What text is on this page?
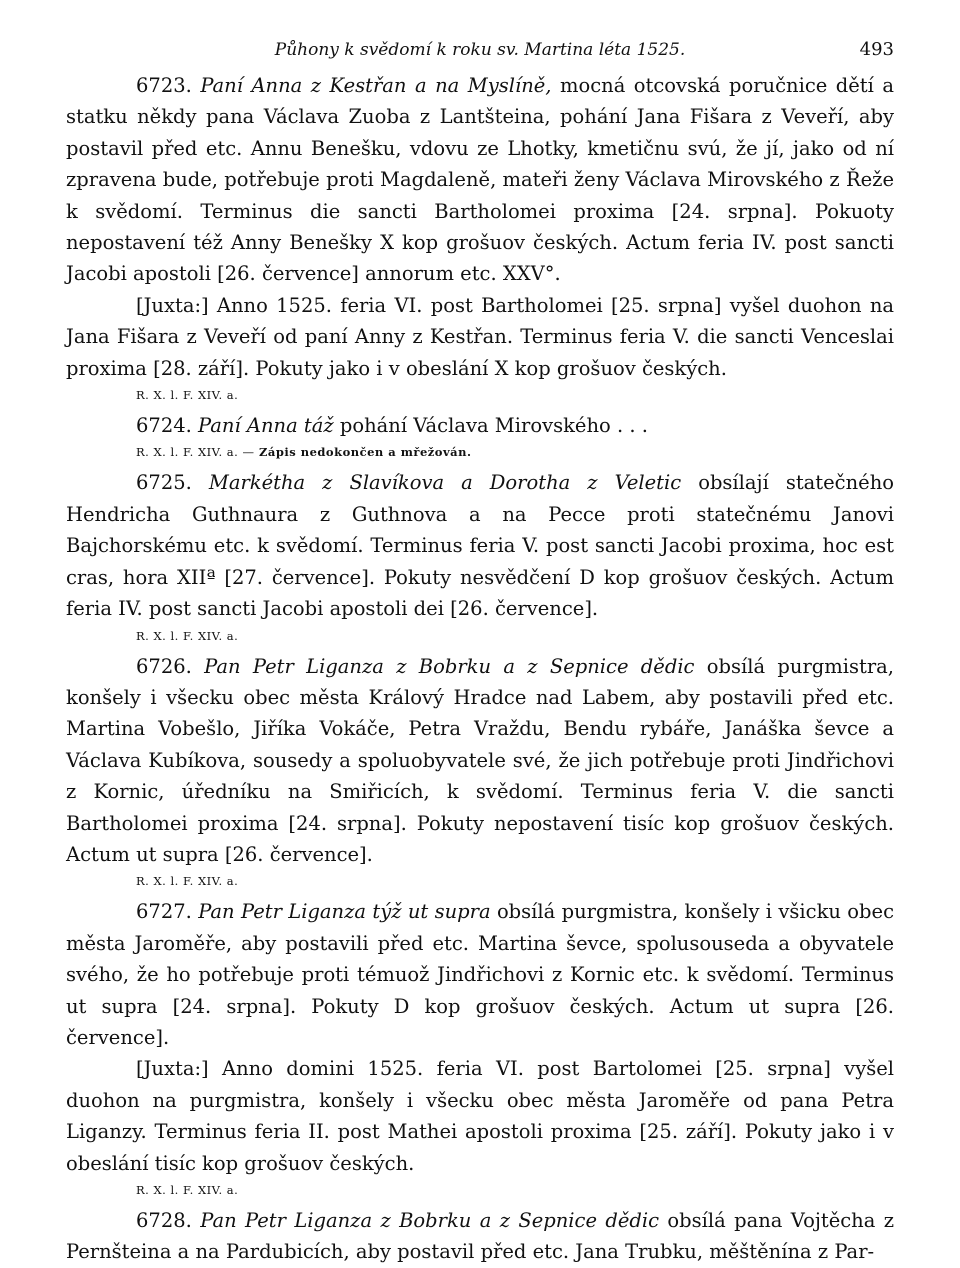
Půhony k svědomí k roku sv. Martina léta 1525.	493

6723. Paní Anna z Kestřan a na Myslíně, mocná otcovská poručnice dětí a statku někdy pana Václava Zuoba z Lantšteina, pohání Jana Fišara z Veveří, aby postavil před etc. Annu Benešku, vdovu ze Lhotky, kmetičnu svú, že jí, jako od ní zpravena bude, potřebuje proti Magdaleně, mateři ženy Václava Mirovského z Řeže k svědomí. Terminus die sancti Bartholomei proxima [24. srpna]. Pokuoty nepostavení též Anny Benešky X kop grošuov českých. Actum feria IV. post sancti Jacobi apostoli [26. července] annorum etc. XXV°.

[Juxta:] Anno 1525. feria VI. post Bartholomei [25. srpna] vyšel duohon na Jana Fišara z Veveří od paní Anny z Kestřan. Terminus feria V. die sancti Venceslai proxima [28. září]. Pokuty jako i v obeslání X kop grošuov českých.

R. X. l. F. XIV. a.

6724. Paní Anna táž pohání Václava Mirovského . . .

R. X. l. F. XIV. a. — Zápis nedokončen a mřežován.

6725. Markétha z Slavíkova a Dorotha z Veletic obsílají statečného Hendricha Guthnaura z Guthnova a na Pecce proti statečnému Janovi Bajchorskému etc. k svědomí. Terminus feria V. post sancti Jacobi proxima, hoc est cras, hora XIIª [27. července]. Pokuty nesvědčení D kop grošuov českých. Actum feria IV. post sancti Jacobi apostoli dei [26. července].

R. X. l. F. XIV. a.

6726. Pan Petr Liganza z Bobrku a z Sepnice dědic obsílá purgmistra, konšely i všecku obec města Králový Hradce nad Labem, aby postavili před etc. Martina Vobešlo, Jiříka Vokáče, Petra Vraždu, Bendu rybáře, Janáška ševce a Václava Kubíkova, sousedy a spoluobyvatele své, že jich potřebuje proti Jindřichovi z Kornic, úředníku na Smiřicích, k svědomí. Terminus feria V. die sancti Bartholomei proxima [24. srpna]. Pokuty nepostavení tisíc kop grošuov českých. Actum ut supra [26. července].

R. X. l. F. XIV. a.

6727. Pan Petr Liganza týž ut supra obsílá purgmistra, konšely i všicku obec města Jaroměře, aby postavili před etc. Martina ševce, spolusouseda a obyvatele svého, že ho potřebuje proti témuož Jindřichovi z Kornic etc. k svědomí. Terminus ut supra [24. srpna]. Pokuty D kop grošuov českých. Actum ut supra [26. července].

[Juxta:] Anno domini 1525. feria VI. post Bartolomei [25. srpna] vyšel duohon na purgmistra, konšely i všecku obec města Jaroměře od pana Petra Liganzy. Terminus feria II. post Mathei apostoli proxima [25. září]. Pokuty jako i v obeslání tisíc kop grošuov českých.

R. X. l. F. XIV. a.

6728. Pan Petr Liganza z Bobrku a z Sepnice dědic obsílá pana Vojtěcha z Pernšteina a na Pardubicích, aby postavil před etc. Jana Trubku, měštěnína z Par-
